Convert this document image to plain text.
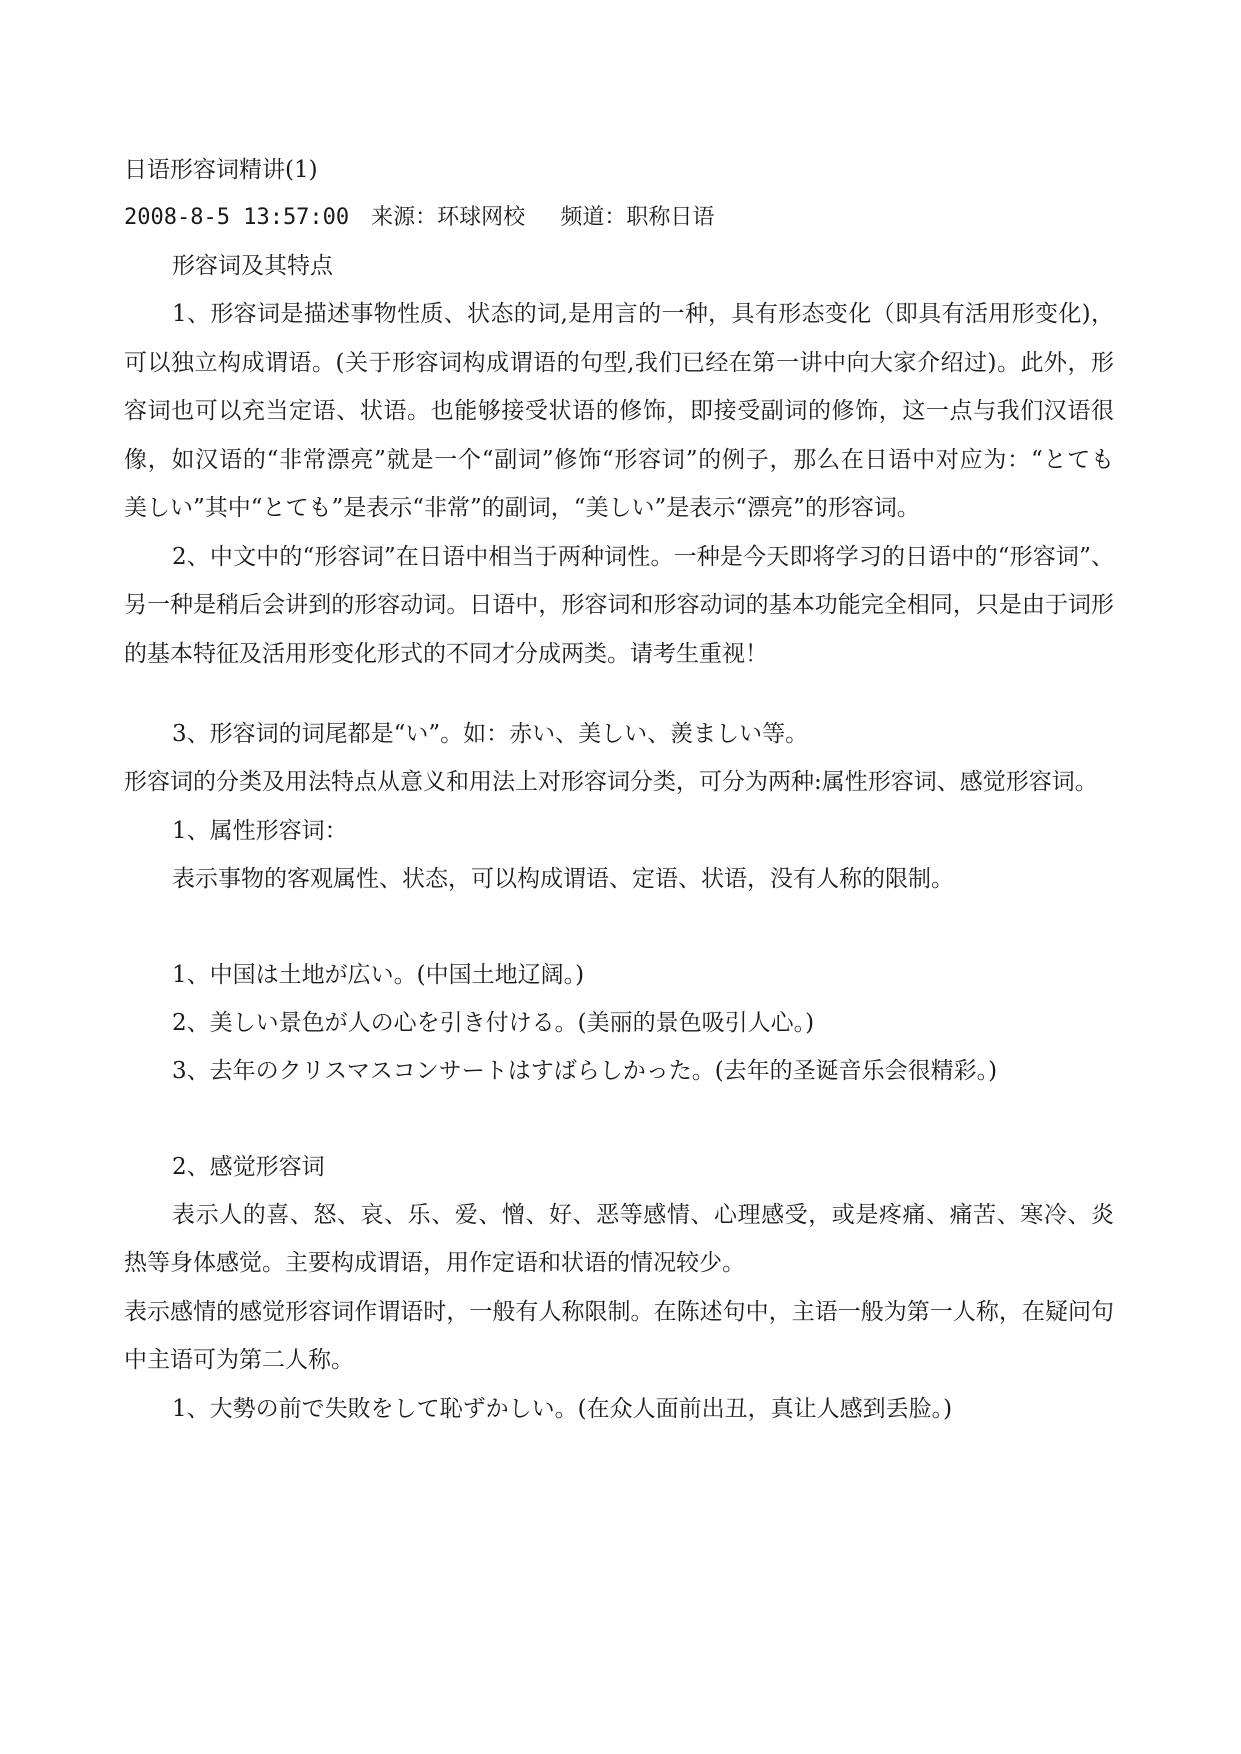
日语形容词精讲(1)

2008-8-5 13:57:00　来源：环球网校　 频道：职称日语

形容词及其特点

1、形容词是描述事物性质、状态的词,是用言的一种，具有形态变化（即具有活用形变化)，可以独立构成谓语。(关于形容词构成谓语的句型,我们已经在第一讲中向大家介绍过)。此外，形容词也可以充当定语、状语。也能够接受状语的修饰，即接受副词的修饰，这一点与我们汉语很像，如汉语的“非常漂亮”就是一个“副词”修饰“形容词”的例子，那么在日语中对应为：“とても　美しい”其中“とても”是表示“非常”的副词，“美しい”是表示“漂亮”的形容词。

2、中文中的“形容词”在日语中相当于两种词性。一种是今天即将学习的日语中的“形容词”、另一种是稍后会讲到的形容动词。日语中，形容词和形容动词的基本功能完全相同，只是由于词形的基本特征及活用形变化形式的不同才分成两类。请考生重视！

3、形容词的词尾都是“い”。如：赤い、美しい、羨ましい等。

形容词的分类及用法特点从意义和用法上对形容词分类，可分为两种:属性形容词、感觉形容词。

1、属性形容词：

表示事物的客观属性、状态，可以构成谓语、定语、状语，没有人称的限制。

1、中国は土地が広い。(中国土地辽阔。)

2、美しい景色が人の心を引き付ける。(美丽的景色吸引人心。)

3、去年のクリスマスコンサートはすばらしかった。(去年的圣诞音乐会很精彩。)

2、感觉形容词

表示人的喜、怒、哀、乐、爱、憎、好、恶等感情、心理感受，或是疼痛、痛苦、寒冷、炎热等身体感觉。主要构成谓语，用作定语和状语的情况较少。

表示感情的感觉形容词作谓语时，一般有人称限制。在陈述句中，主语一般为第一人称，在疑问句中主语可为第二人称。

1、大勢の前で失敗をして恥ずかしい。(在众人面前出丑，真让人感到丢脸。)
